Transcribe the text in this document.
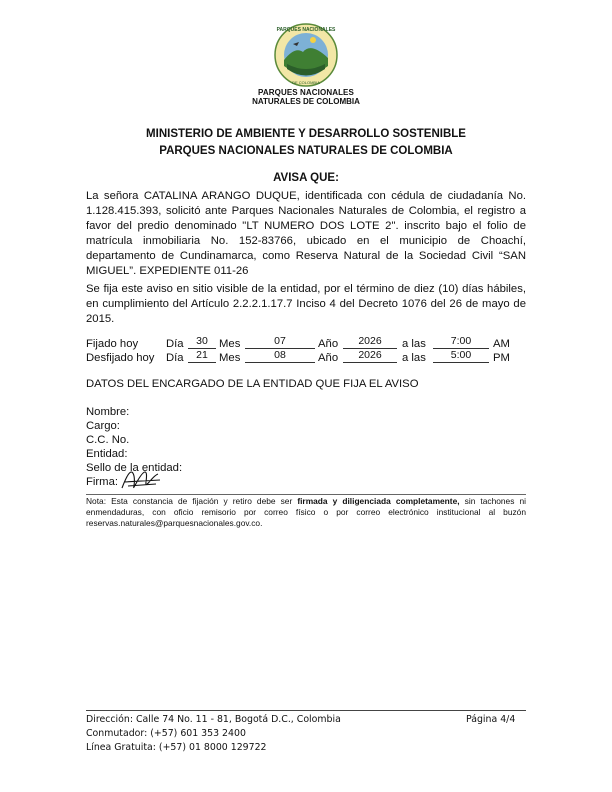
PARQUES NACIONALES
DE COLOMBIA
PARQUES NACIONALES
NATURALES DE COLOMBIA
MINISTERIO DE AMBIENTE Y DESARROLLO SOSTENIBLE
PARQUES NACIONALES NATURALES DE COLOMBIA
AVISA QUE:
La señora CATALINA ARANGO DUQUE, identificada con cédula de ciudadanía No. 1.128.415.393, solicitó ante Parques Nacionales Naturales de Colombia, el registro a favor del predio denominado "LT NUMERO DOS LOTE 2". inscrito bajo el folio de matrícula inmobiliaria No. 152-83766, ubicado en el municipio de Choachí, departamento de Cundinamarca, como Reserva Natural de la Sociedad Civil “SAN MIGUEL”. EXPEDIENTE 011-26
Se fija este aviso en sitio visible de la entidad, por el término de diez (10) días hábiles, en cumplimiento del Artículo 2.2.2.1.17.7 Inciso 4 del Decreto 1076 del 26 de mayo de 2015.
Fijado hoy Día	30 Mes	07	Año	2026	a las	7:00	AM
Desfijado hoy Día	21 Mes	08	Año	2026	a las	5:00	PM
DATOS DEL ENCARGADO DE LA ENTIDAD QUE FIJA EL AVISO
Nombre:
Cargo:
C.C. No.
Entidad:
Sello de la entidad:
Firma:
Nota: Esta constancia de fijación y retiro debe ser firmada y diligenciada completamente, sin tachones ni enmendaduras, con oficio remisorio por correo físico o por correo electrónico institucional al buzón reservas.naturales@parquesnacionales.gov.co.
Dirección: Calle 74 No. 11 - 81, Bogotá D.C., Colombia
Conmutador: (+57) 601 353 2400
Línea Gratuita: (+57) 01 8000 129722
Página 4/4
